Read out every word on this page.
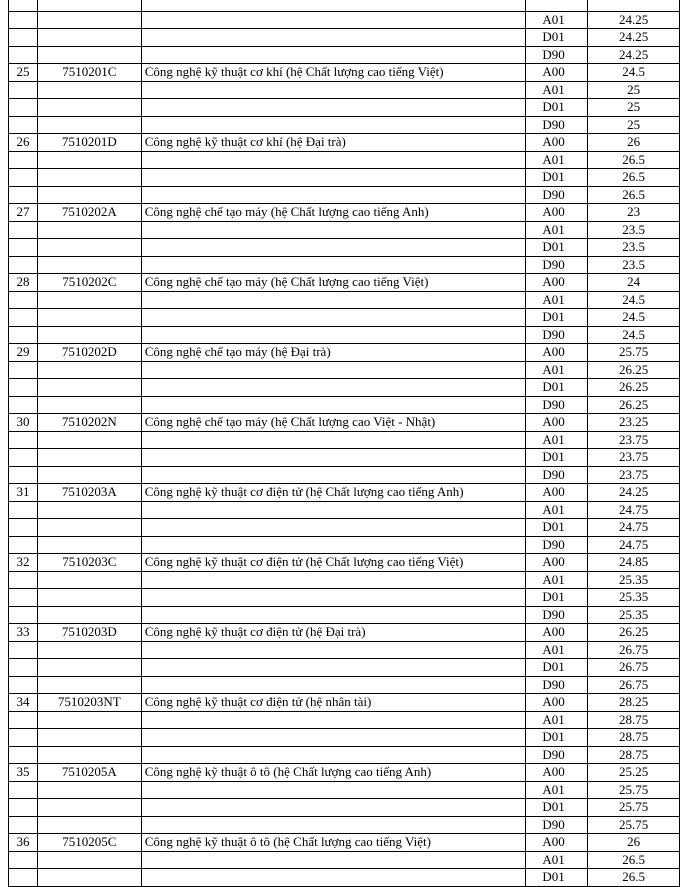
			A01	24.25
			D01	24.25
			D90	24.25
25	7510201C	Công nghệ kỹ thuật cơ khí (hệ Chất lượng cao tiếng Việt)	A00	24.5
			A01	25
			D01	25
			D90	25
26	7510201D	Công nghệ kỹ thuật cơ khí (hệ Đại trà)	A00	26
			A01	26.5
			D01	26.5
			D90	26.5
27	7510202A	Công nghệ chế tạo máy (hệ Chất lượng cao tiếng Anh)	A00	23
			A01	23.5
			D01	23.5
			D90	23.5
28	7510202C	Công nghệ chế tạo máy (hệ Chất lượng cao tiếng Việt)	A00	24
			A01	24.5
			D01	24.5
			D90	24.5
29	7510202D	Công nghệ chế tạo máy (hệ Đại trà)	A00	25.75
			A01	26.25
			D01	26.25
			D90	26.25
30	7510202N	Công nghệ chế tạo máy (hệ Chất lượng cao Việt - Nhật)	A00	23.25
			A01	23.75
			D01	23.75
			D90	23.75
31	7510203A	Công nghệ kỹ thuật cơ điện tử (hệ Chất lượng cao tiếng Anh)	A00	24.25
			A01	24.75
			D01	24.75
			D90	24.75
32	7510203C	Công nghệ kỹ thuật cơ điện tử (hệ Chất lượng cao tiếng Việt)	A00	24.85
			A01	25.35
			D01	25.35
			D90	25.35
33	7510203D	Công nghệ kỹ thuật cơ điện tử (hệ Đại trà)	A00	26.25
			A01	26.75
			D01	26.75
			D90	26.75
34	7510203NT	Công nghệ kỹ thuật cơ điện tử (hệ nhân tài)	A00	28.25
			A01	28.75
			D01	28.75
			D90	28.75
35	7510205A	Công nghệ kỹ thuật ô tô (hệ Chất lượng cao tiếng Anh)	A00	25.25
			A01	25.75
			D01	25.75
			D90	25.75
36	7510205C	Công nghệ kỹ thuật ô tô (hệ Chất lượng cao tiếng Việt)	A00	26
			A01	26.5
			D01	26.5
